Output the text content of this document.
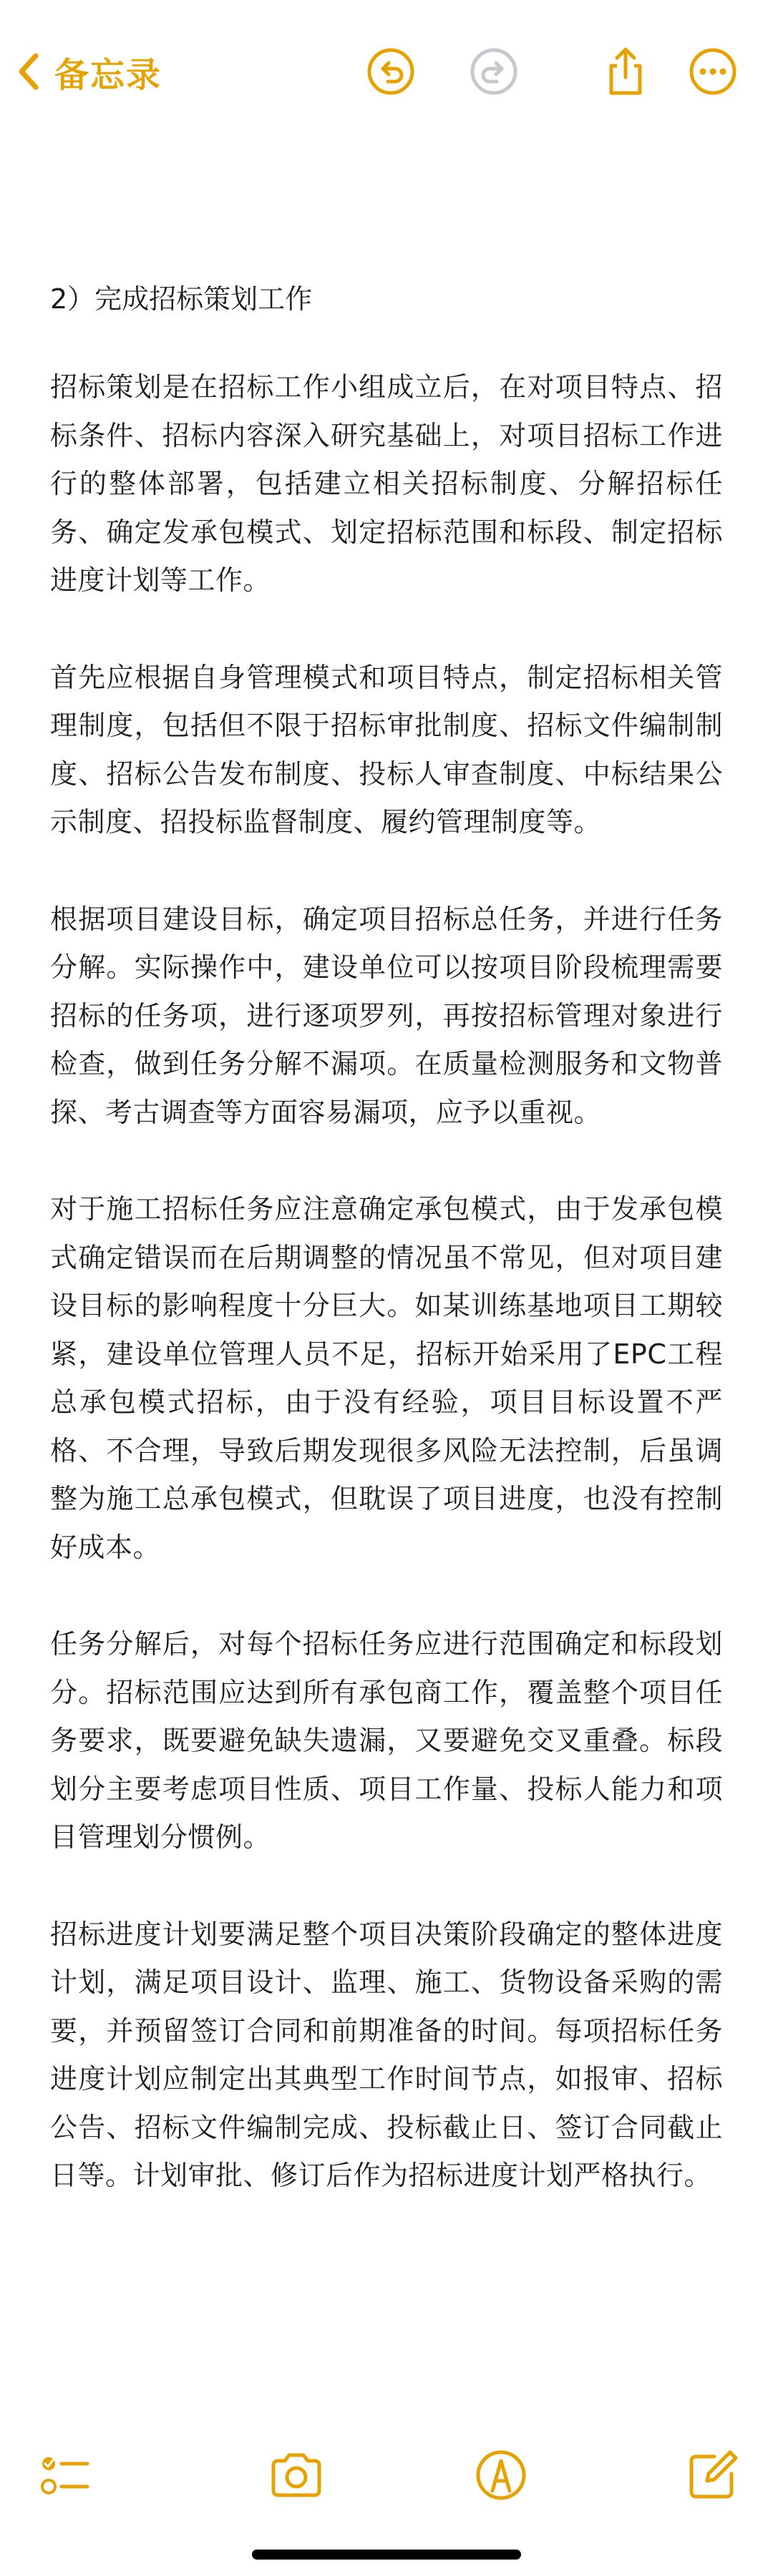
备忘录
2）完成招标策划工作

招标策划是在招标工作小组成立后，在对项目特点、招标条件、招标内容深入研究基础上，对项目招标工作进行的整体部署，包括建立相关招标制度、分解招标任务、确定发承包模式、划定招标范围和标段、制定招标进度计划等工作。

首先应根据自身管理模式和项目特点，制定招标相关管理制度，包括但不限于招标审批制度、招标文件编制制度、招标公告发布制度、投标人审查制度、中标结果公示制度、招投标监督制度、履约管理制度等。

根据项目建设目标，确定项目招标总任务，并进行任务分解。实际操作中，建设单位可以按项目阶段梳理需要招标的任务项，进行逐项罗列，再按招标管理对象进行检查，做到任务分解不漏项。在质量检测服务和文物普探、考古调查等方面容易漏项，应予以重视。

对于施工招标任务应注意确定承包模式，由于发承包模式确定错误而在后期调整的情况虽不常见，但对项目建设目标的影响程度十分巨大。如某训练基地项目工期较紧，建设单位管理人员不足，招标开始采用了EPC工程总承包模式招标，由于没有经验，项目目标设置不严格、不合理，导致后期发现很多风险无法控制，后虽调整为施工总承包模式，但耽误了项目进度，也没有控制好成本。

任务分解后，对每个招标任务应进行范围确定和标段划分。招标范围应达到所有承包商工作，覆盖整个项目任务要求，既要避免缺失遗漏，又要避免交叉重叠。标段划分主要考虑项目性质、项目工作量、投标人能力和项目管理划分惯例。

招标进度计划要满足整个项目决策阶段确定的整体进度计划，满足项目设计、监理、施工、货物设备采购的需要，并预留签订合同和前期准备的时间。每项招标任务进度计划应制定出其典型工作时间节点，如报审、招标公告、招标文件编制完成、投标截止日、签订合同截止日等。计划审批、修订后作为招标进度计划严格执行。
